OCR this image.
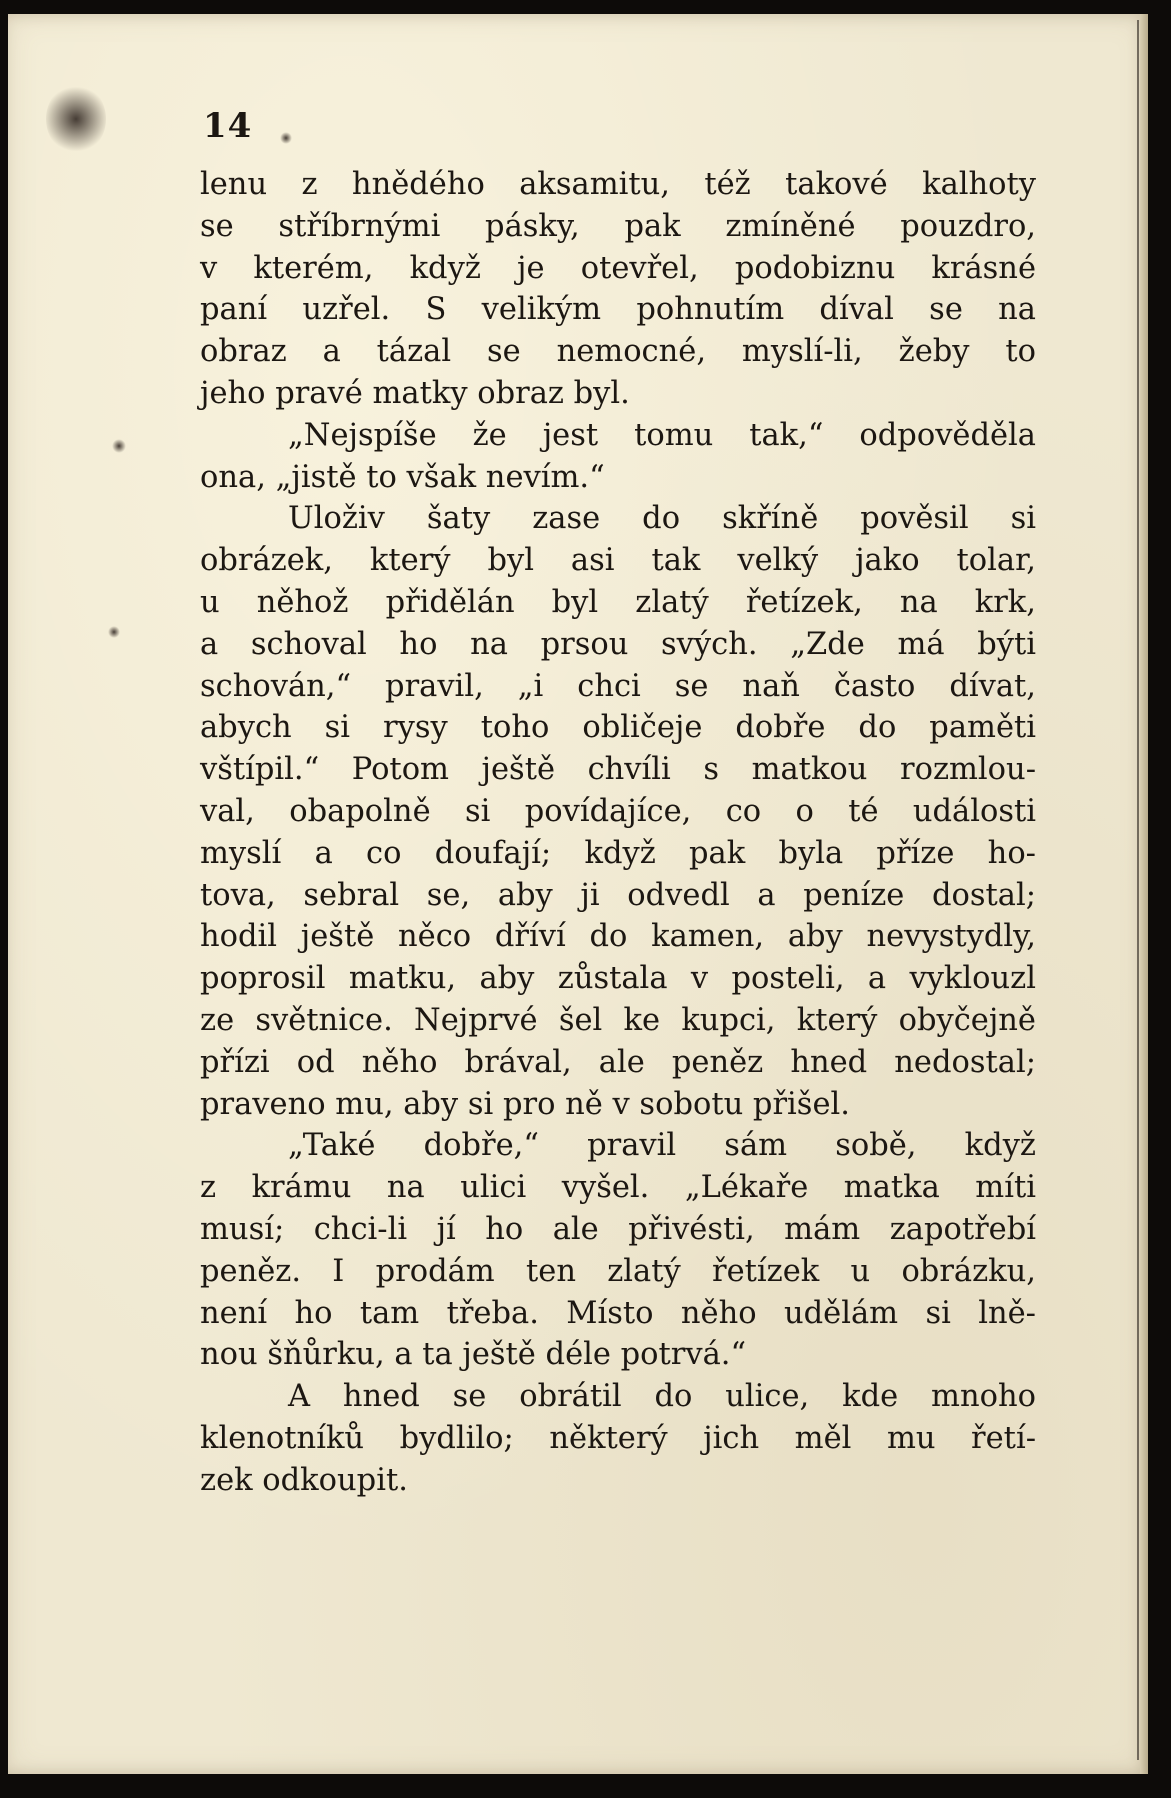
14
lenu z hnědého aksamitu, též takové kalhoty
se stříbrnými pásky, pak zmíněné pouzdro,
v kterém, když je otevřel, podobiznu krásné
paní uzřel. S velikým pohnutím díval se na
obraz a tázal se nemocné, myslí-li, žeby to
jeho pravé matky obraz byl.
„Nejspíše že jest tomu tak,“ odpověděla
ona, „jistě to však nevím.“
Uloživ šaty zase do skříně pověsil si
obrázek, který byl asi tak velký jako tolar,
u něhož přidělán byl zlatý řetízek, na krk,
a schoval ho na prsou svých. „Zde má býti
schován,“ pravil, „i chci se naň často dívat,
abych si rysy toho obličeje dobře do paměti
vštípil.“ Potom ještě chvíli s matkou rozmlou-
val, obapolně si povídajíce, co o té události
myslí a co doufají; když pak byla příze ho-
tova, sebral se, aby ji odvedl a peníze dostal;
hodil ještě něco dříví do kamen, aby nevystydly,
poprosil matku, aby zůstala v posteli, a vyklouzl
ze světnice. Nejprvé šel ke kupci, který obyčejně
přízi od něho brával, ale peněz hned nedostal;
praveno mu, aby si pro ně v sobotu přišel.
„Také dobře,“ pravil sám sobě, když
z krámu na ulici vyšel. „Lékaře matka míti
musí; chci-li jí ho ale přivésti, mám zapotřebí
peněz. I prodám ten zlatý řetízek u obrázku,
není ho tam třeba. Místo něho udělám si lně-
nou šňůrku, a ta ještě déle potrvá.“
A hned se obrátil do ulice, kde mnoho
klenotníků bydlilo; některý jich měl mu řetí-
zek odkoupit.
